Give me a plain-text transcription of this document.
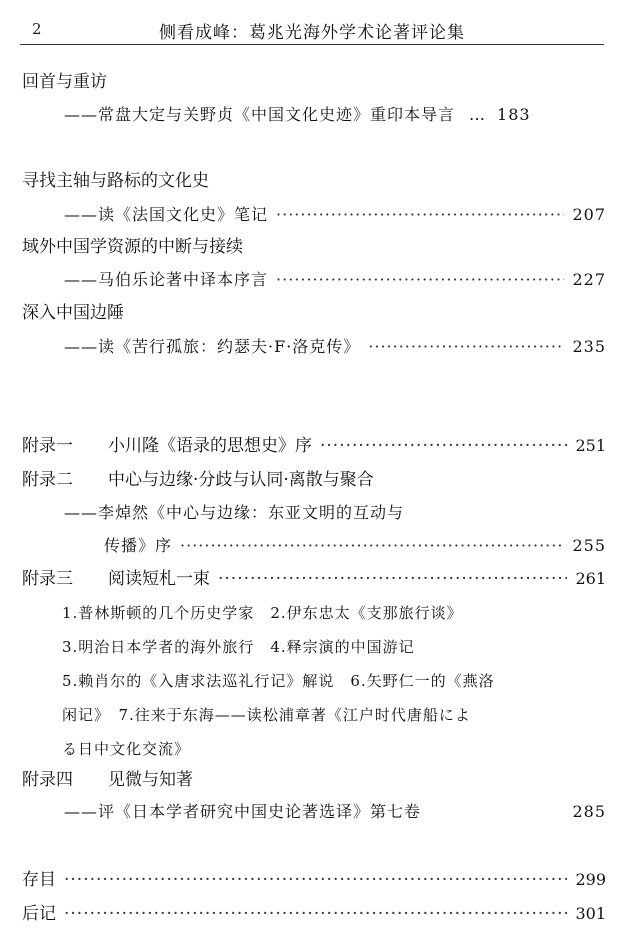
2	侧看成峰：葛兆光海外学术论著评论集
回首与重访
——常盘大定与关野贞《中国文化史迹》重印本导言 … 183
寻找主轴与路标的文化史
——读《法国文化史》笔记 ·····	207
域外中国学资源的中断与接续
——马伯乐论著中译本序言 ·····	227
深入中国边陲
——读《苦行孤旅：约瑟夫·F·洛克传》 ·····	235
附录一	小川隆《语录的思想史》序 ·····	251
附录二	中心与边缘·分歧与认同·离散与聚合
——李焯然《中心与边缘：东亚文明的互动与
传播》序 ·····	255
附录三	阅读短札一束 ·····	261
1.普林斯顿的几个历史学家　2.伊东忠太《支那旅行谈》
3.明治日本学者的海外旅行　4.释宗演的中国游记
5.赖肖尔的《入唐求法巡礼行记》解说　6.矢野仁一的《燕洛
闲记》　7.往来于东海——读松浦章著《江户时代唐船によ
る日中文化交流》
附录四	见微与知著
——评《日本学者研究中国史论著选译》第七卷	285
存目 ·····	299
后记 ·····	301
